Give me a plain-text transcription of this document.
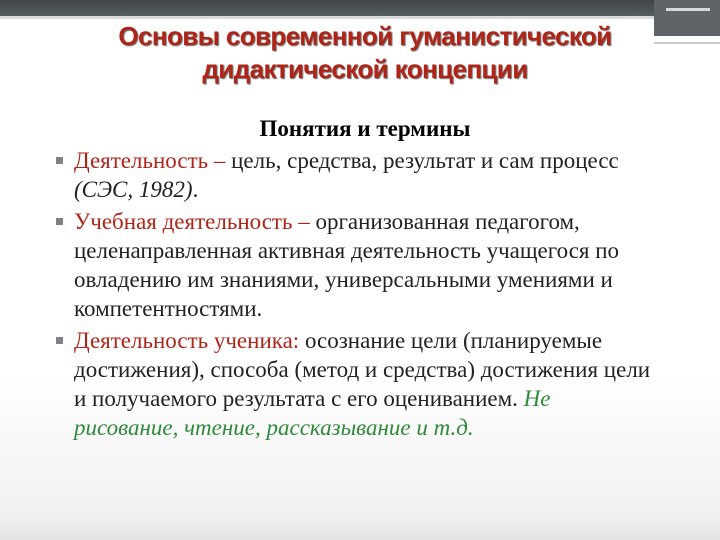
Основы современной гуманистической дидактической концепции
Понятия и термины
Деятельность – цель, средства, результат и сам процесс (СЭС, 1982).
Учебная деятельность – организованная педагогом, целенаправленная активная деятельность учащегося по овладению им знаниями, универсальными умениями и компетентностями.
Деятельность ученика: осознание цели (планируемые достижения), способа (метод и средства) достижения цели и получаемого результата с его оцениванием. Не рисование, чтение, рассказывание и т.д.
